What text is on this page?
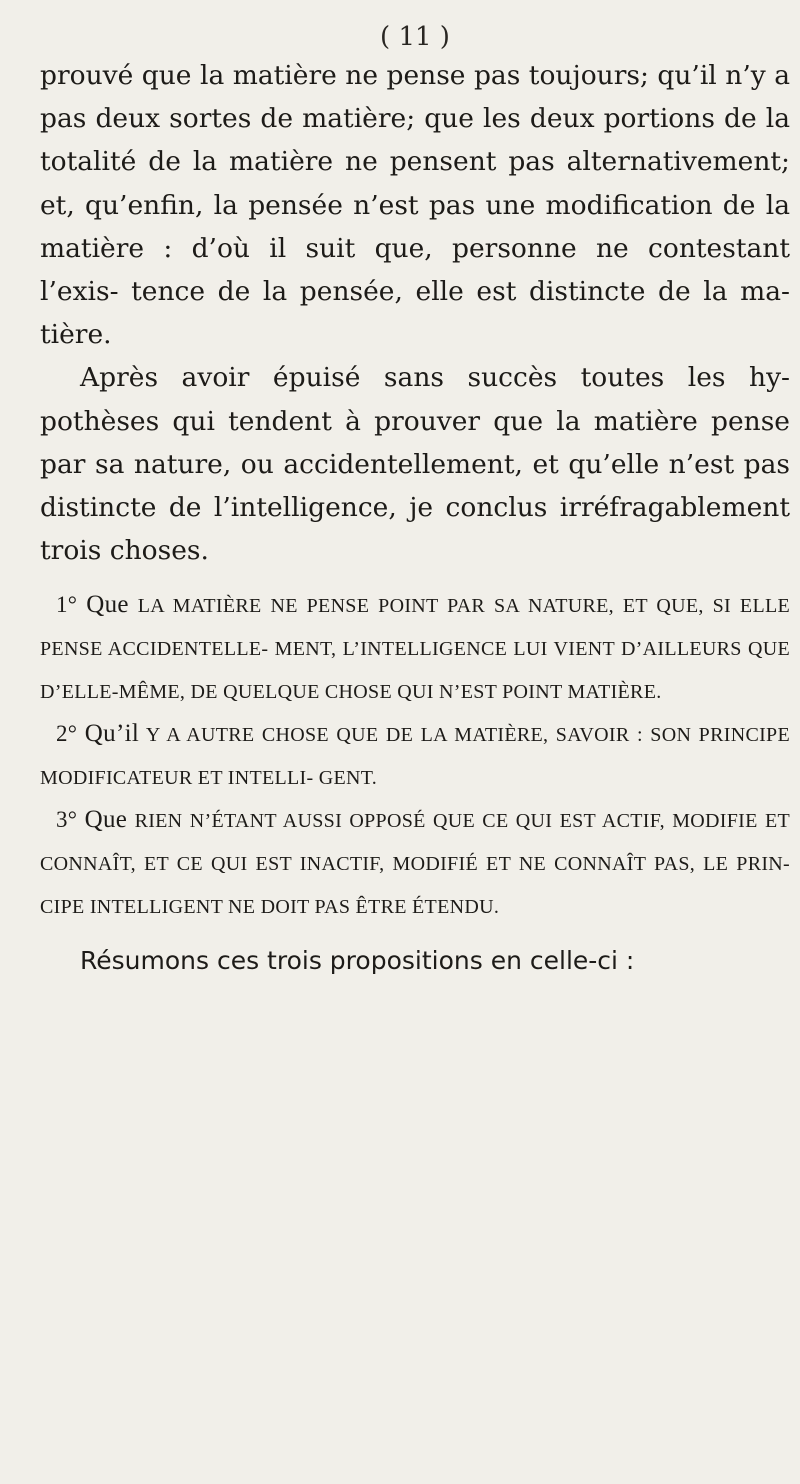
( 11 )

prouvé que la matière ne pense pas toujours; qu’il n’y a pas deux sortes de matière; que les deux portions de la totalité de la matière ne pensent pas alternativement; et, qu’enfin, la pensée n’est pas une modification de la matière : d’où il suit que, personne ne contestant l’exis- tence de la pensée, elle est distincte de la ma- tière.

Après avoir épuisé sans succès toutes les hy- pothèses qui tendent à prouver que la matière pense par sa nature, ou accidentellement, et qu’elle n’est pas distincte de l’intelligence, je conclus irréfragablement trois choses.

1° Que LA MATIÈRE NE PENSE POINT PAR SA NATURE, ET QUE, SI ELLE PENSE ACCIDENTELLE- MENT, L’INTELLIGENCE LUI VIENT D’AILLEURS QUE D’ELLE-MÊME, DE QUELQUE CHOSE QUI N’EST POINT MATIÈRE.

2° Qu’il Y A AUTRE CHOSE QUE DE LA MATIÈRE, SAVOIR : SON PRINCIPE MODIFICATEUR ET INTELLI- GENT.

3° Que RIEN N’ÉTANT AUSSI OPPOSÉ QUE CE QUI EST ACTIF, MODIFIE ET CONNAÎT, ET CE QUI EST INACTIF, MODIFIÉ ET NE CONNAÎT PAS, LE PRIN- CIPE INTELLIGENT NE DOIT PAS ÊTRE ÉTENDU.

Résumons ces trois propositions en celle-ci :
